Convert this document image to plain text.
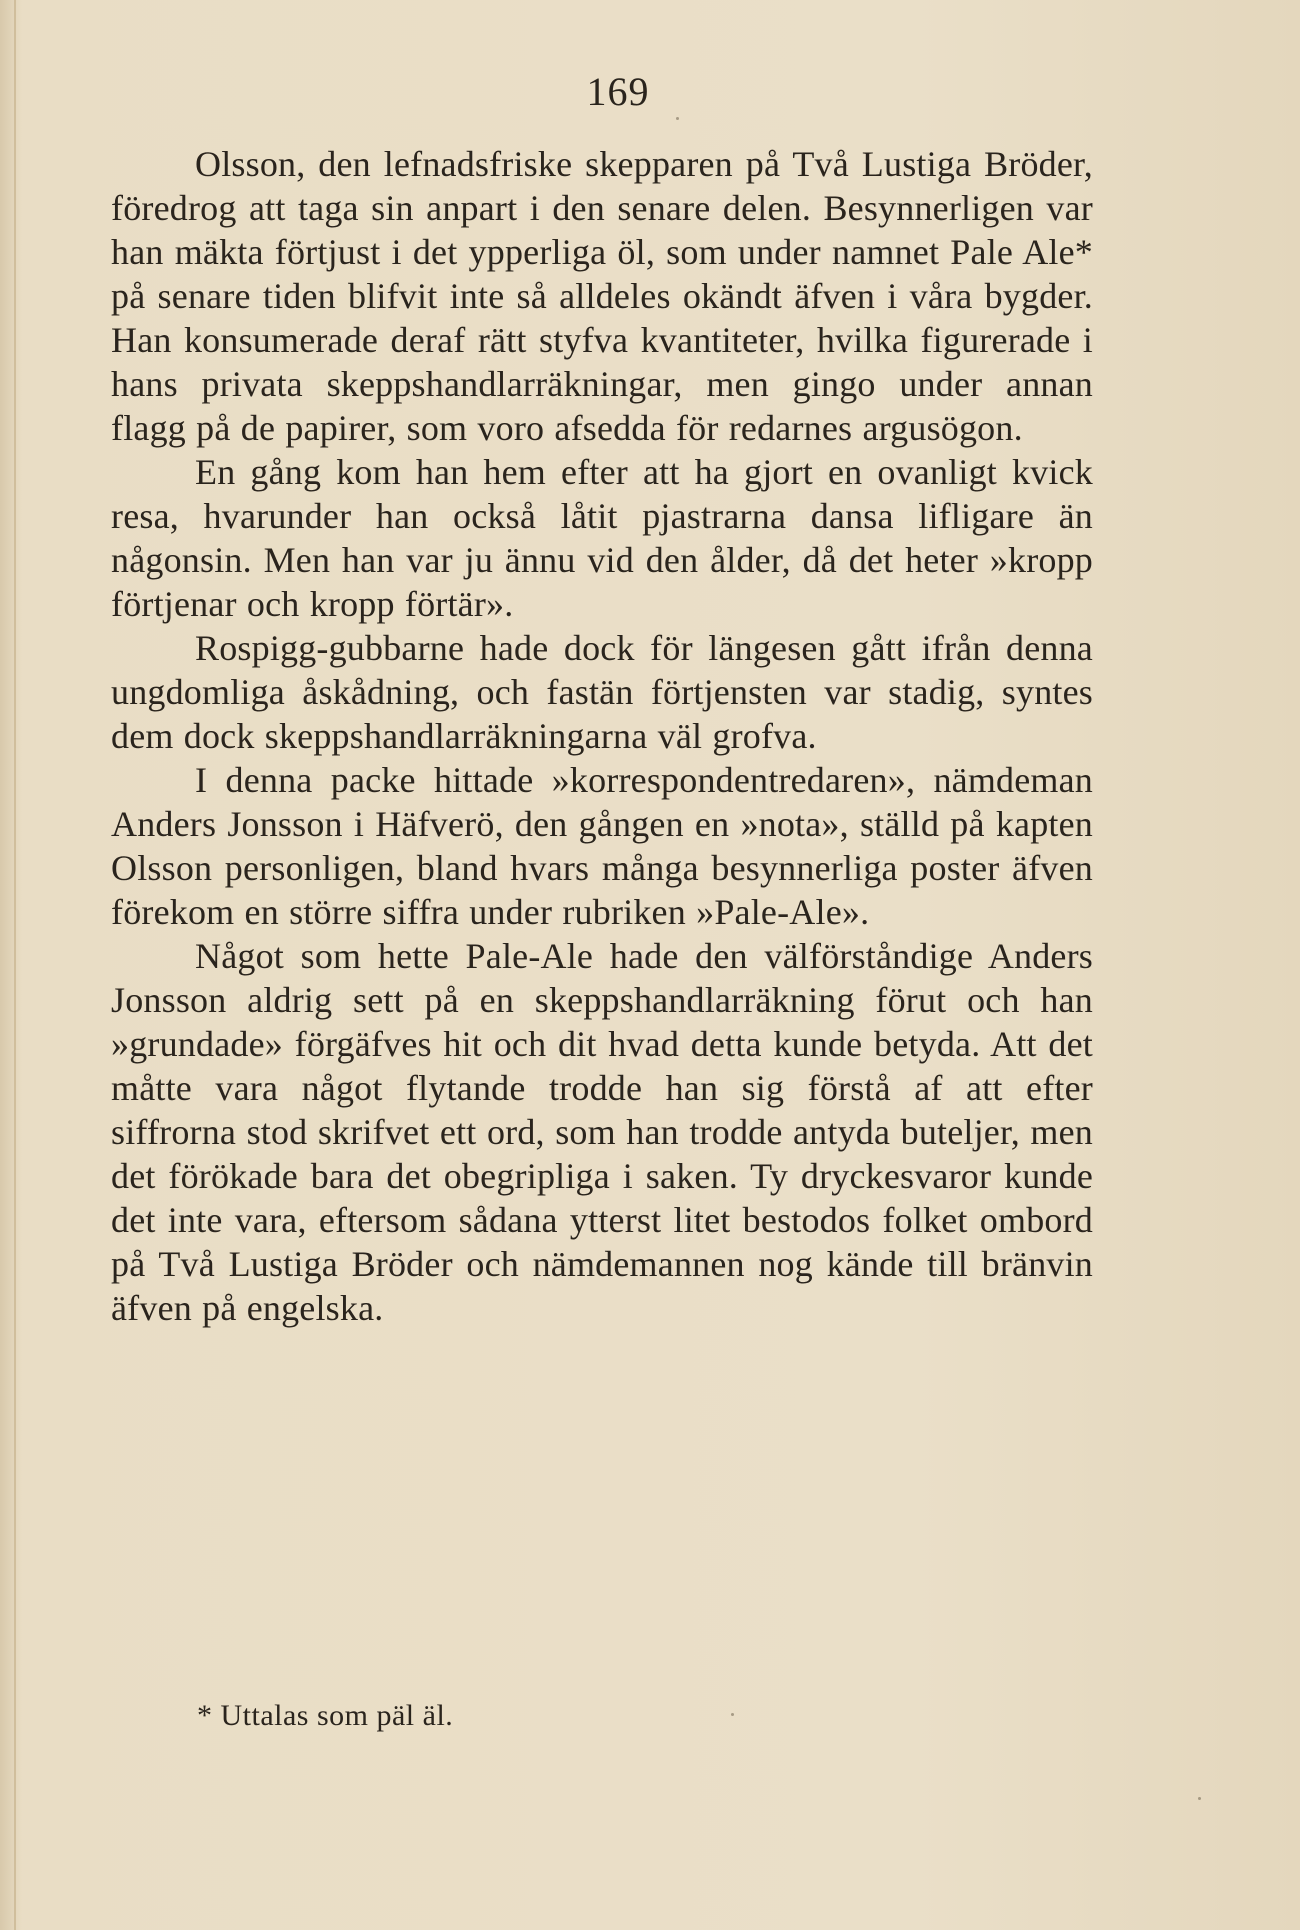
169

Olsson, den lefnadsfriske skepparen på Två Lustiga Bröder, föredrog att taga sin anpart i den senare delen. Besynnerligen var han mäkta förtjust i det ypperliga öl, som under namnet Pale Ale* på senare tiden blifvit inte så alldeles okändt äfven i våra bygder. Han konsumerade deraf rätt styfva kvantiteter, hvilka figurerade i hans privata skeppshandlarräkningar, men gingo under annan flagg på de papirer, som voro afsedda för redarnes argusögon.

En gång kom han hem efter att ha gjort en ovanligt kvick resa, hvarunder han också låtit pjastrarna dansa lifligare än någonsin. Men han var ju ännu vid den ålder, då det heter »kropp förtjenar och kropp förtär».

Rospigg-gubbarne hade dock för längesen gått ifrån denna ungdomliga åskådning, och fastän förtjensten var stadig, syntes dem dock skeppshandlarräkningarna väl grofva.

I denna packe hittade »korrespondentredaren», nämdeman Anders Jonsson i Häfverö, den gången en »nota», ställd på kapten Olsson personligen, bland hvars många besynnerliga poster äfven förekom en större siffra under rubriken »Pale-Ale».

Något som hette Pale-Ale hade den välförståndige Anders Jonsson aldrig sett på en skeppshandlarräkning förut och han »grundade» förgäfves hit och dit hvad detta kunde betyda. Att det måtte vara något flytande trodde han sig förstå af att efter siffrorna stod skrifvet ett ord, som han trodde antyda buteljer, men det förökade bara det obegripliga i saken. Ty dryckesvaror kunde det inte vara, eftersom sådana ytterst litet bestodos folket ombord på Två Lustiga Bröder och nämdemannen nog kände till bränvin äfven på engelska.

* Uttalas som päl äl.
